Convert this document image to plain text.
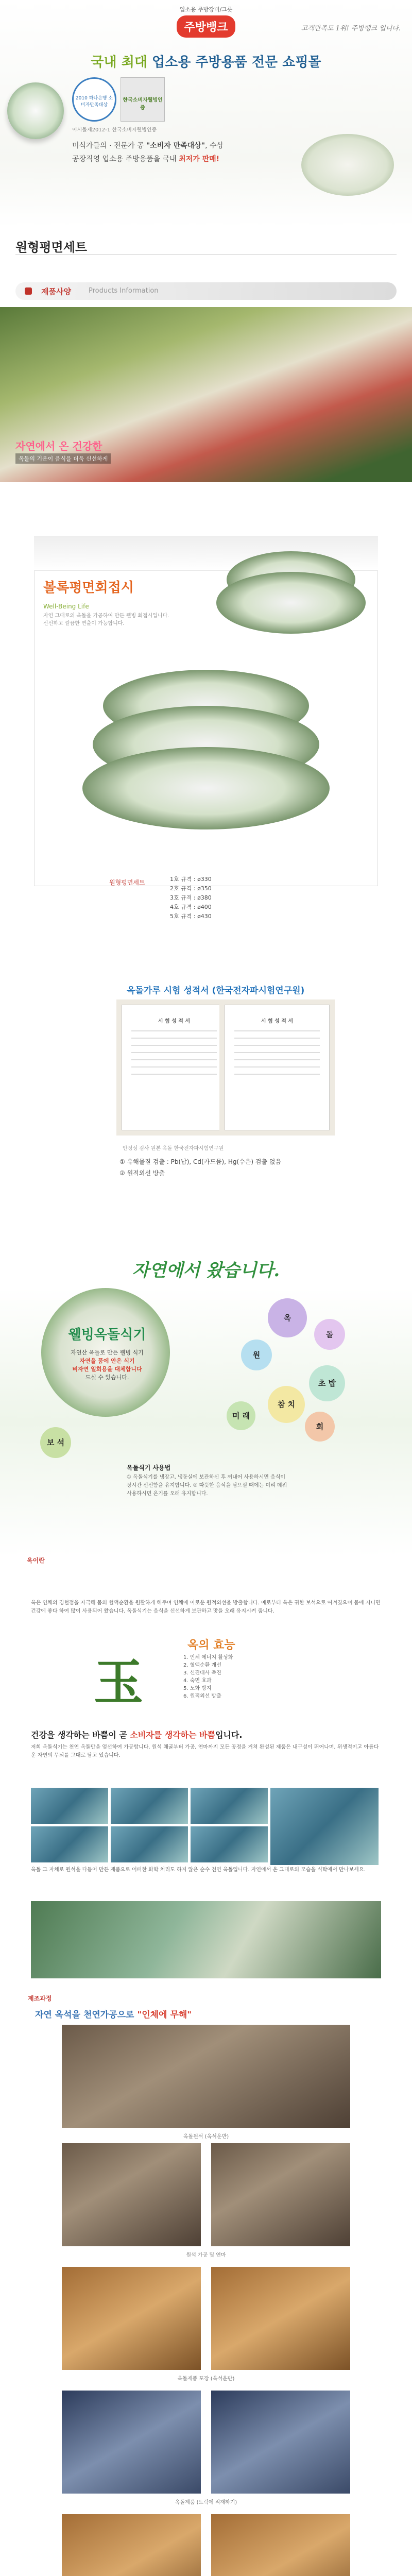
업소용 주방장비/그릇
주방뱅크	고객만족도 1위! 주방뱅크 입니다.
국내 최대 업소용 주방용품 전문 쇼핑몰
2010 하나은행 소비자만족대상
한국소비자웰빙인증
이시돌제2012-1 한국소비자웰빙인증
미식가들의 · 전문가 공 "소비자 만족대상", 수상
공장직영 업소용 주방용품을 국내 최저가 판매!
원형평면세트
제품사양	Products Information
자연에서 온 건강한
옥돌의 기운이 음식을 더욱 신선하게
볼록평면회접시
Well-Being Life
자연 그대로의 옥돌을 가공하여 만든 웰빙 회접시입니다. 신선하고 깔끔한 연출이 가능합니다.
원형평면세트	1호 규격 : ø330
2호 규격 : ø350
3호 규격 : ø380
4호 규격 : ø400
5호 규격 : ø430
옥돌가루 시험 성적서 (한국전자파시험연구원)
시 험 성 적 서	시 험 성 적 서
안정성 검사 원본 옥돌 한국전자파시험연구원
① 유해물질 검출 : Pb(납), Cd(카드뮴), Hg(수은) 검출 없음
② 원적외선 방출
자연에서 왔습니다.
웰빙옥돌식기
자연산 옥돌로 만든 웰빙 식기
자연을 품에 안은 식기
비자연 일회용을 대체합니다
드실 수 있습니다.
보 석
옥
돌
원
초 밥
참 치
회
미 래
옥돌식기 사용법
① 옥돌식기를 냉장고, 냉동실에 보관하신 후 꺼내어 사용하시면 음식이 장시간 신선함을 유지합니다. ② 따뜻한 음식을 담으실 때에는 미리 데워 사용하시면 온기를 오래 유지합니다.
옥이란
옥은 인체의 경혈점을 자극해 몸의 혈액순환을 원활하게 해주며 인체에 이로운 원적외선을 방출합니다. 예로부터 옥은 귀한 보석으로 여겨졌으며 몸에 지니면 건강에 좋다 하여 많이 사용되어 왔습니다. 옥돌식기는 음식을 신선하게 보관하고 맛을 오래 유지시켜 줍니다.
玉
옥의 효능
1. 인체 에너지 활성화
2. 혈액순환 개선
3. 신진대사 촉진
4. 숙면 효과
5. 노화 방지
6. 원적외선 방출
건강을 생각하는 바쁨이 곧 소비자를 생각하는 바쁨입니다.
저희 옥돌식기는 천연 옥돌만을 엄선하여 가공합니다. 원석 채굴부터 가공, 연마까지 모든 공정을 거쳐 완성된 제품은 내구성이 뛰어나며, 위생적이고 아름다운 자연의 무늬를 그대로 담고 있습니다.
옥돌 그 자체로 원석을 다듬어 만든 제품으로 어떠한 화학 처리도 하지 않은 순수 천연 옥돌입니다. 자연에서 온 그대로의 모습을 식탁에서 만나보세요.
제조과정
자연 옥석을 천연가공으로 "인체에 무해"
옥돌원석 (옥석운반)
원석 가공 및 연마
옥돌제품 포장 (옥석운반)
옥돌제품 (트럭에 적재하기)
